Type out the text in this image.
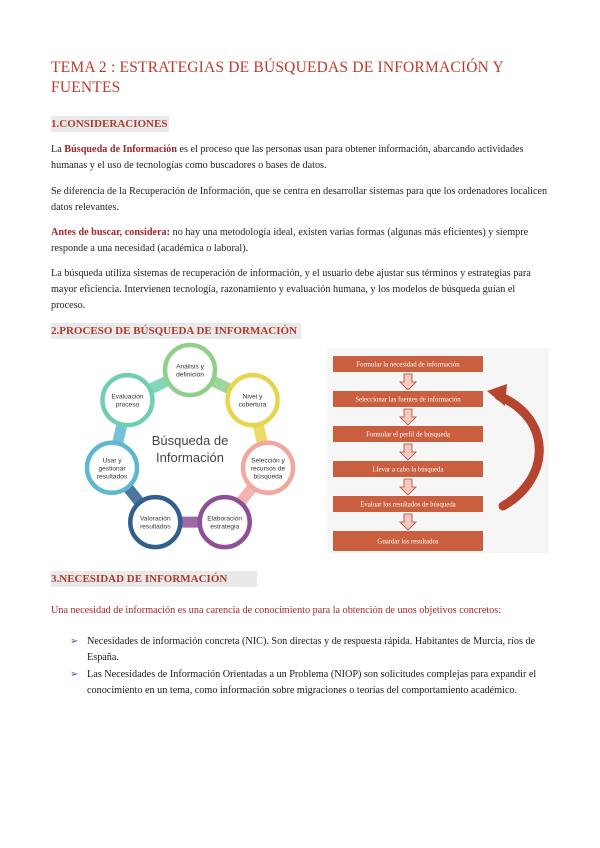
TEMA 2 : ESTRATEGIAS DE BÚSQUEDAS DE INFORMACIÓN Y FUENTES
1.CONSIDERACIONES
La Búsqueda de Información es el proceso que las personas usan para obtener información, abarcando actividades humanas y el uso de tecnologías como buscadores o bases de datos.
Se diferencia de la Recuperación de Información, que se centra en desarrollar sistemas para que los ordenadores localicen datos relevantes.
Antes de buscar, considera: no hay una metodología ideal, existen varias formas (algunas más eficientes) y siempre responde a una necesidad (académica o laboral).
La búsqueda utiliza sistemas de recuperación de información, y el usuario debe ajustar sus términos y estrategias para mayor eficiencia. Intervienen tecnología, razonamiento y evaluación humana, y los modelos de búsqueda guían el proceso.
2.PROCESO DE BÚSQUEDA DE INFORMACIÓN
Búsqueda de
Información
Análisis y
definición
Nivel y
cobertura
Selección y
recursos de
búsqueda
Elaboración
estrategia
Valoración
resultados
Usar y
gestionar
resultados
Evaluación
proceso
Formular la necesidad de información
Seleccionar las fuentes de información
Formular el perfil de búsqueda
Llevar a cabo la búsqueda
Evaluar los resultados de búsqueda
Guardar los resultados
3.NECESIDAD DE INFORMACIÓN
Una necesidad de información es una carencia de conocimiento para la obtención de unos objetivos concretos:
➢ Necesidades de información concreta (NIC). Son directas y de respuesta rápida. Habitantes de Murcia, ríos de España.
➢ Las Necesidades de Información Orientadas a un Problema (NIOP) son solicitudes complejas para expandir el conocimiento en un tema, como información sobre migraciones o teorías del comportamiento académico.
